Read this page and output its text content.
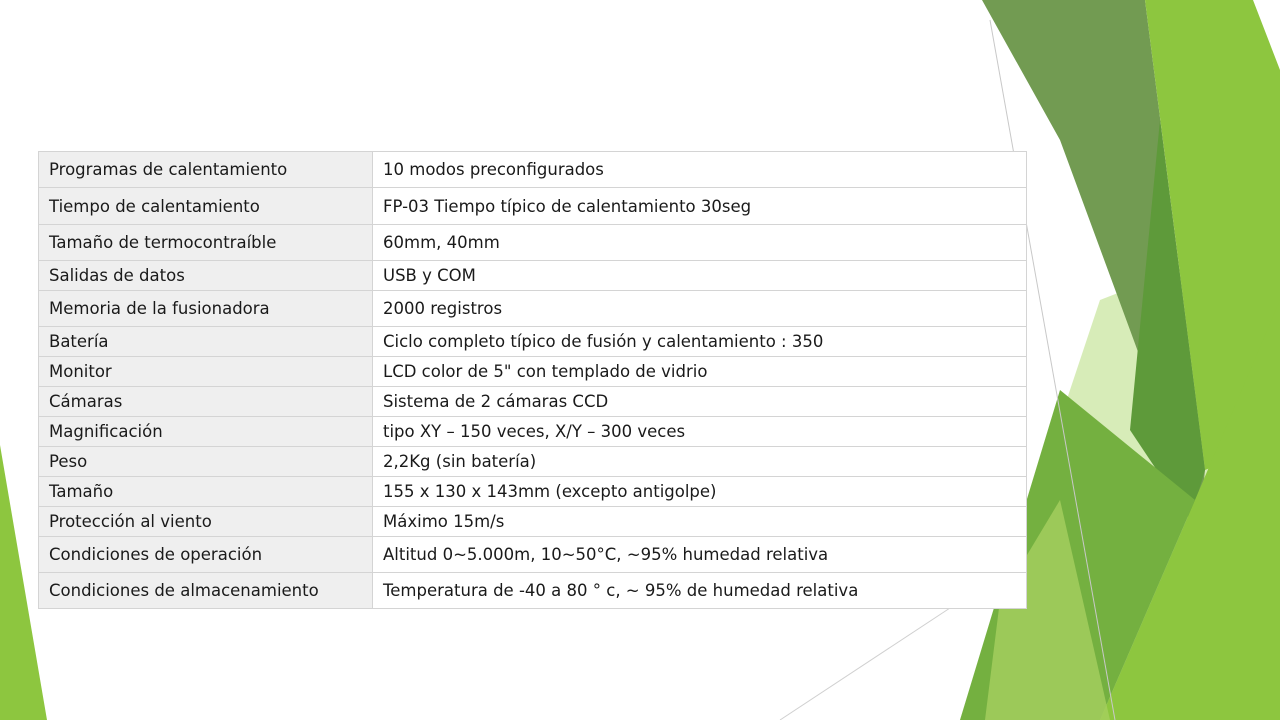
Programas de calentamiento	10 modos preconfigurados
Tiempo de calentamiento	FP-03 Tiempo típico de calentamiento 30seg
Tamaño de termocontraíble	60mm, 40mm
Salidas de datos	USB y COM
Memoria de la fusionadora	2000 registros
Batería	Ciclo completo típico de fusión y calentamiento : 350
Monitor	LCD color de 5" con templado de vidrio
Cámaras	Sistema de 2 cámaras CCD
Magnificación	tipo XY – 150 veces, X/Y – 300 veces
Peso	2,2Kg (sin batería)
Tamaño	155 x 130 x 143mm (excepto antigolpe)
Protección al viento	Máximo 15m/s
Condiciones de operación	Altitud 0~5.000m, 10~50°C, ~95% humedad relativa
Condiciones de almacenamiento	Temperatura de -40 a 80 ° c, ~ 95% de humedad relativa
